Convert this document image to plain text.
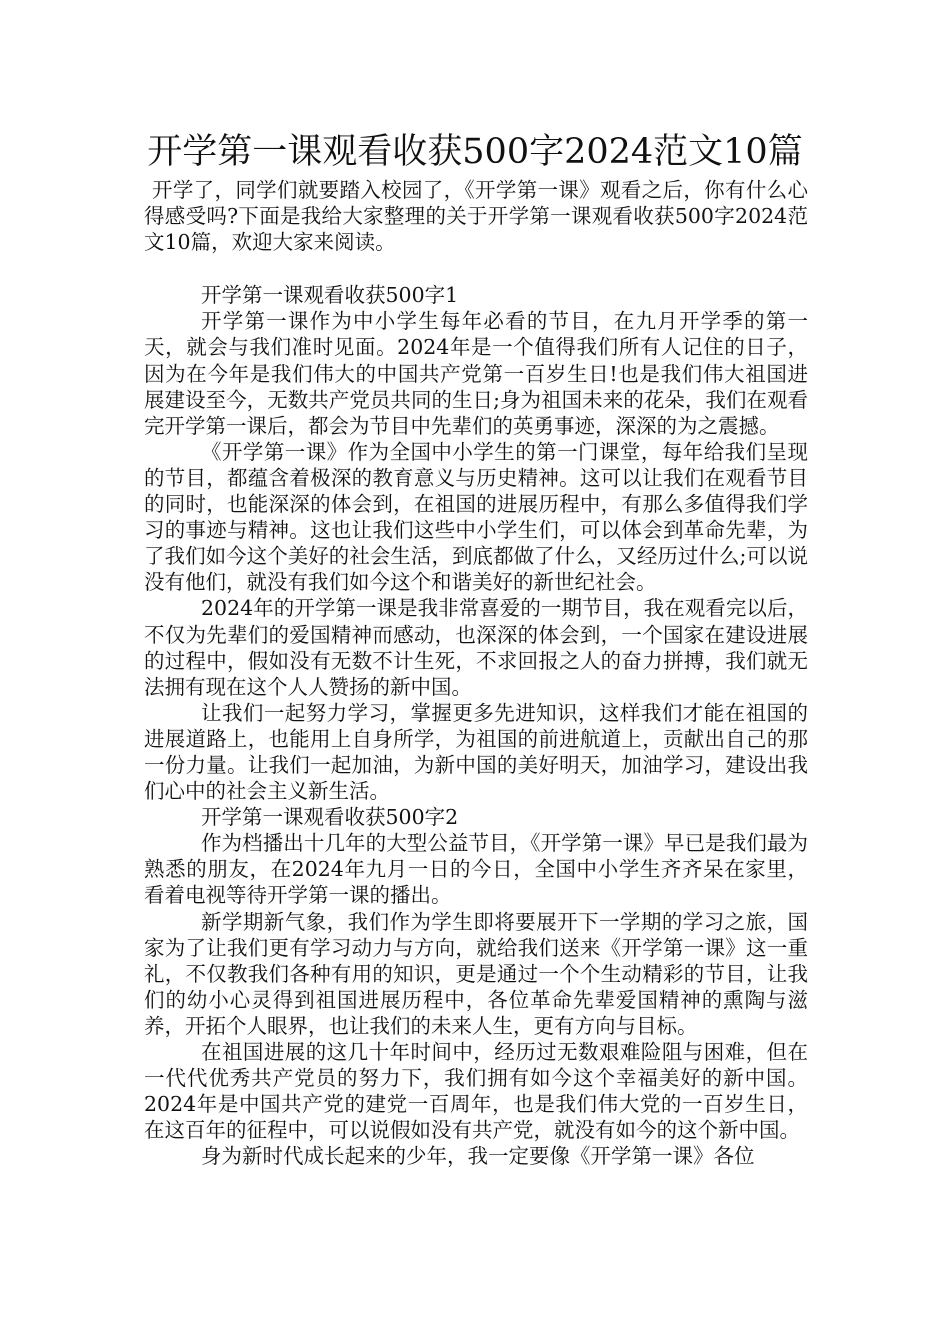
开学第一课观看收获500字2024范文10篇

开学了，同学们就要踏入校园了，《开学第一课》观看之后，你有什么心得感受吗?下面是我给大家整理的关于开学第一课观看收获500字2024范文10篇，欢迎大家来阅读。

开学第一课观看收获500字1

开学第一课作为中小学生每年必看的节目，在九月开学季的第一天，就会与我们准时见面。2024年是一个值得我们所有人记住的日子，因为在今年是我们伟大的中国共产党第一百岁生日!也是我们伟大祖国进展建设至今，无数共产党员共同的生日;身为祖国未来的花朵，我们在观看完开学第一课后，都会为节目中先辈们的英勇事迹，深深的为之震撼。

《开学第一课》作为全国中小学生的第一门课堂，每年给我们呈现的节目，都蕴含着极深的教育意义与历史精神。这可以让我们在观看节目的同时，也能深深的体会到，在祖国的进展历程中，有那么多值得我们学习的事迹与精神。这也让我们这些中小学生们，可以体会到革命先辈，为了我们如今这个美好的社会生活，到底都做了什么，又经历过什么;可以说没有他们，就没有我们如今这个和谐美好的新世纪社会。

2024年的开学第一课是我非常喜爱的一期节目，我在观看完以后，不仅为先辈们的爱国精神而感动，也深深的体会到，一个国家在建设进展的过程中，假如没有无数不计生死，不求回报之人的奋力拼搏，我们就无法拥有现在这个人人赞扬的新中国。

让我们一起努力学习，掌握更多先进知识，这样我们才能在祖国的进展道路上，也能用上自身所学，为祖国的前进航道上，贡献出自己的那一份力量。让我们一起加油，为新中国的美好明天，加油学习，建设出我们心中的社会主义新生活。

开学第一课观看收获500字2

作为档播出十几年的大型公益节目，《开学第一课》早已是我们最为熟悉的朋友，在2024年九月一日的今日，全国中小学生齐齐呆在家里，看着电视等待开学第一课的播出。

新学期新气象，我们作为学生即将要展开下一学期的学习之旅，国家为了让我们更有学习动力与方向，就给我们送来《开学第一课》这一重礼，不仅教我们各种有用的知识，更是通过一个个生动精彩的节目，让我们的幼小心灵得到祖国进展历程中，各位革命先辈爱国精神的熏陶与滋养，开拓个人眼界，也让我们的未来人生，更有方向与目标。

在祖国进展的这几十年时间中，经历过无数艰难险阻与困难，但在一代代优秀共产党员的努力下，我们拥有如今这个幸福美好的新中国。2024年是中国共产党的建党一百周年，也是我们伟大党的一百岁生日，在这百年的征程中，可以说假如没有共产党，就没有如今的这个新中国。

身为新时代成长起来的少年，我一定要像《开学第一课》各位
